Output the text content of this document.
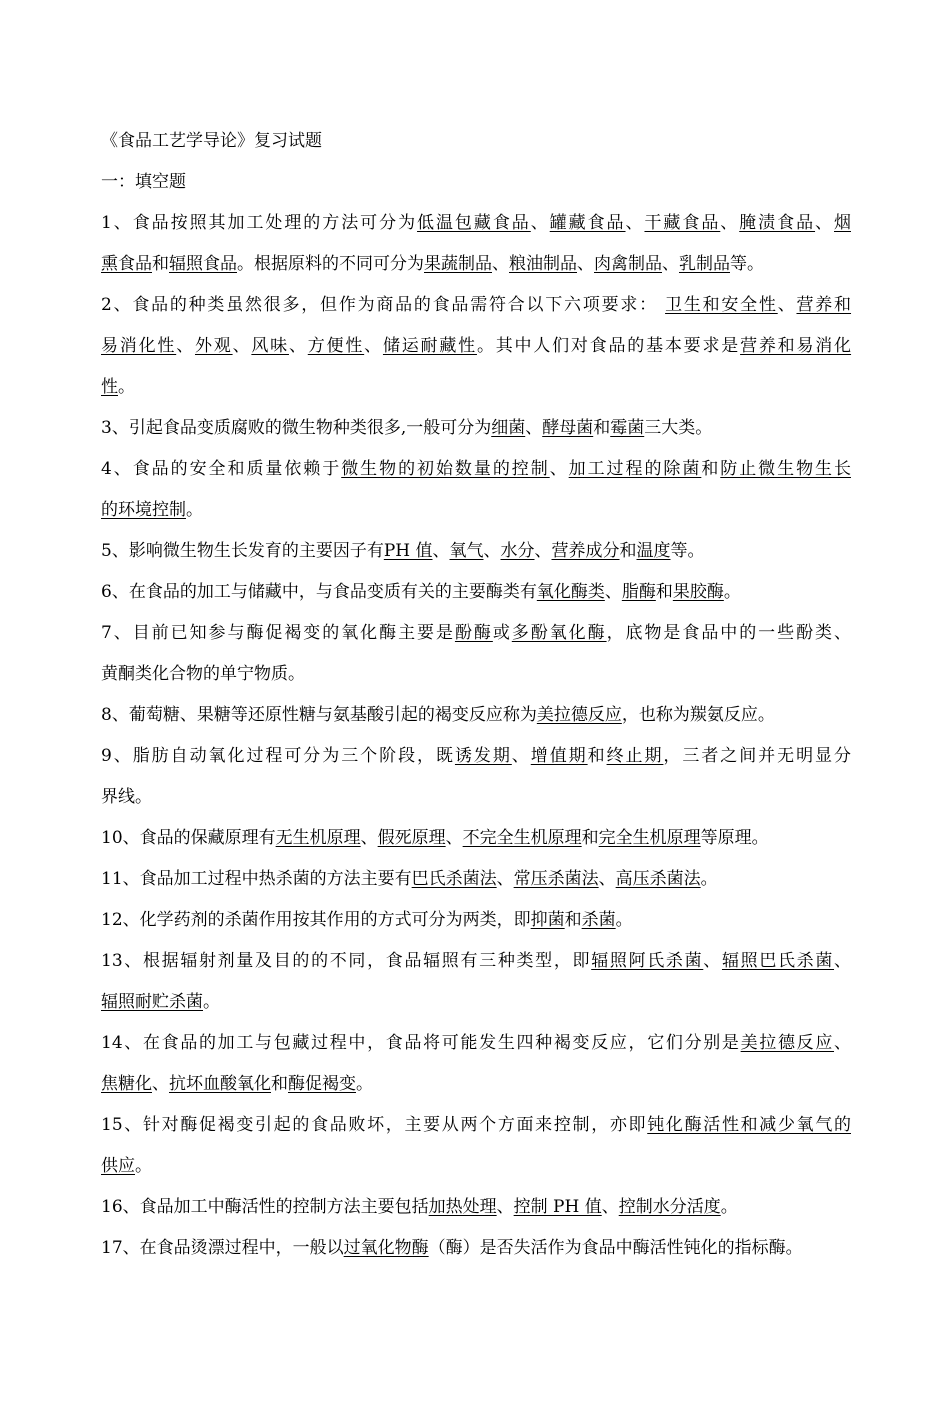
《食品工艺学导论》复习试题
一：填空题
1、食品按照其加工处理的方法可分为低温包藏食品、罐藏食品、干藏食品、腌渍食品、烟
熏食品和辐照食品。根据原料的不同可分为果蔬制品、粮油制品、肉禽制品、乳制品等。
2、食品的种类虽然很多，但作为商品的食品需符合以下六项要求： 卫生和安全性、营养和
易消化性、外观、风味、方便性、储运耐藏性。其中人们对食品的基本要求是营养和易消化
性。
3、引起食品变质腐败的微生物种类很多,一般可分为细菌、酵母菌和霉菌三大类。
4、食品的安全和质量依赖于微生物的初始数量的控制、加工过程的除菌和防止微生物生长
的环境控制。
5、影响微生物生长发育的主要因子有PH 值、氧气、水分、营养成分和温度等。
6、在食品的加工与储藏中，与食品变质有关的主要酶类有氧化酶类、脂酶和果胶酶。
7、目前已知参与酶促褐变的氧化酶主要是酚酶或多酚氧化酶，底物是食品中的一些酚类、
黄酮类化合物的单宁物质。
8、葡萄糖、果糖等还原性糖与氨基酸引起的褐变反应称为美拉德反应，也称为羰氨反应。
9、脂肪自动氧化过程可分为三个阶段，既诱发期、增值期和终止期，三者之间并无明显分
界线。
10、食品的保藏原理有无生机原理、假死原理、不完全生机原理和完全生机原理等原理。
11、食品加工过程中热杀菌的方法主要有巴氏杀菌法、常压杀菌法、高压杀菌法。
12、化学药剂的杀菌作用按其作用的方式可分为两类，即抑菌和杀菌。
13、根据辐射剂量及目的的不同，食品辐照有三种类型，即辐照阿氏杀菌、辐照巴氏杀菌、
辐照耐贮杀菌。
14、在食品的加工与包藏过程中，食品将可能发生四种褐变反应，它们分别是美拉德反应、
焦糖化、抗坏血酸氧化和酶促褐变。
15、针对酶促褐变引起的食品败坏，主要从两个方面来控制，亦即钝化酶活性和减少氧气的
供应。
16、食品加工中酶活性的控制方法主要包括加热处理、控制 PH 值、控制水分活度。
17、在食品烫漂过程中，一般以过氧化物酶（酶）是否失活作为食品中酶活性钝化的指标酶。
